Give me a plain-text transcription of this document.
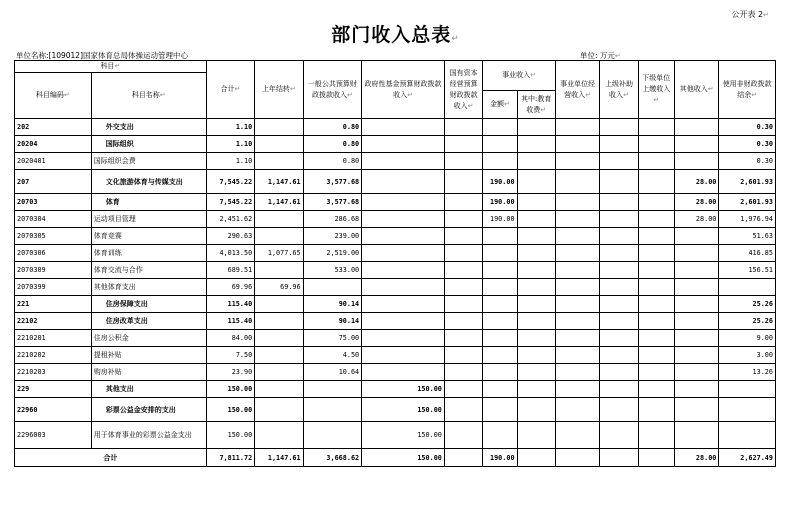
公开表 2↵
部门收入总表↵
单位名称:[109012]国家体育总局体操运动管理中心	单位: 万元↵
科目↵		合计↵	上年结转↵	一般公共预算财政拨款收入↵	政府性基金预算财政拨款收入↵	国有资本经营预算财政拨款收入↵	事业收入↵		事业单位经营收入↵	上级补助收入↵	下级单位上缴收入↵	其他收入↵	使用非财政拨款结余↵
科目编码↵	科目名称↵												
							金额↵	其中:教育收费↵					
202	外交支出	1.10		0.80									0.30
20204	国际组织	1.10		0.80									0.30
2020401	国际组织会费	1.10		0.80									0.30
207	文化旅游体育与传媒支出	7,545.22	1,147.61	3,577.68			190.00					28.00	2,601.93
20703	体育	7,545.22	1,147.61	3,577.68			190.00					28.00	2,601.93
2070304	运动项目管理	2,451.62		286.68			190.00					28.00	1,976.94
2070305	体育竞赛	290.63		239.00									51.63
2070306	体育训练	4,013.50	1,077.65	2,519.00									416.85
2070309	体育交流与合作	689.51		533.00									156.51
2070399	其他体育支出	69.96	69.96										
221	住房保障支出	115.40		90.14									25.26
22102	住房改革支出	115.40		90.14									25.26
2210201	住房公积金	84.00		75.00									9.00
2210202	提租补贴	7.50		4.50									3.00
2210203	购房补贴	23.90		10.64									13.26
229	其他支出	150.00			150.00								
22960	彩票公益金安排的支出	150.00			150.00								
2296003	用于体育事业的彩票公益金支出	150.00			150.00								
合计		7,811.72	1,147.61	3,668.62	150.00		190.00					28.00	2,627.49
